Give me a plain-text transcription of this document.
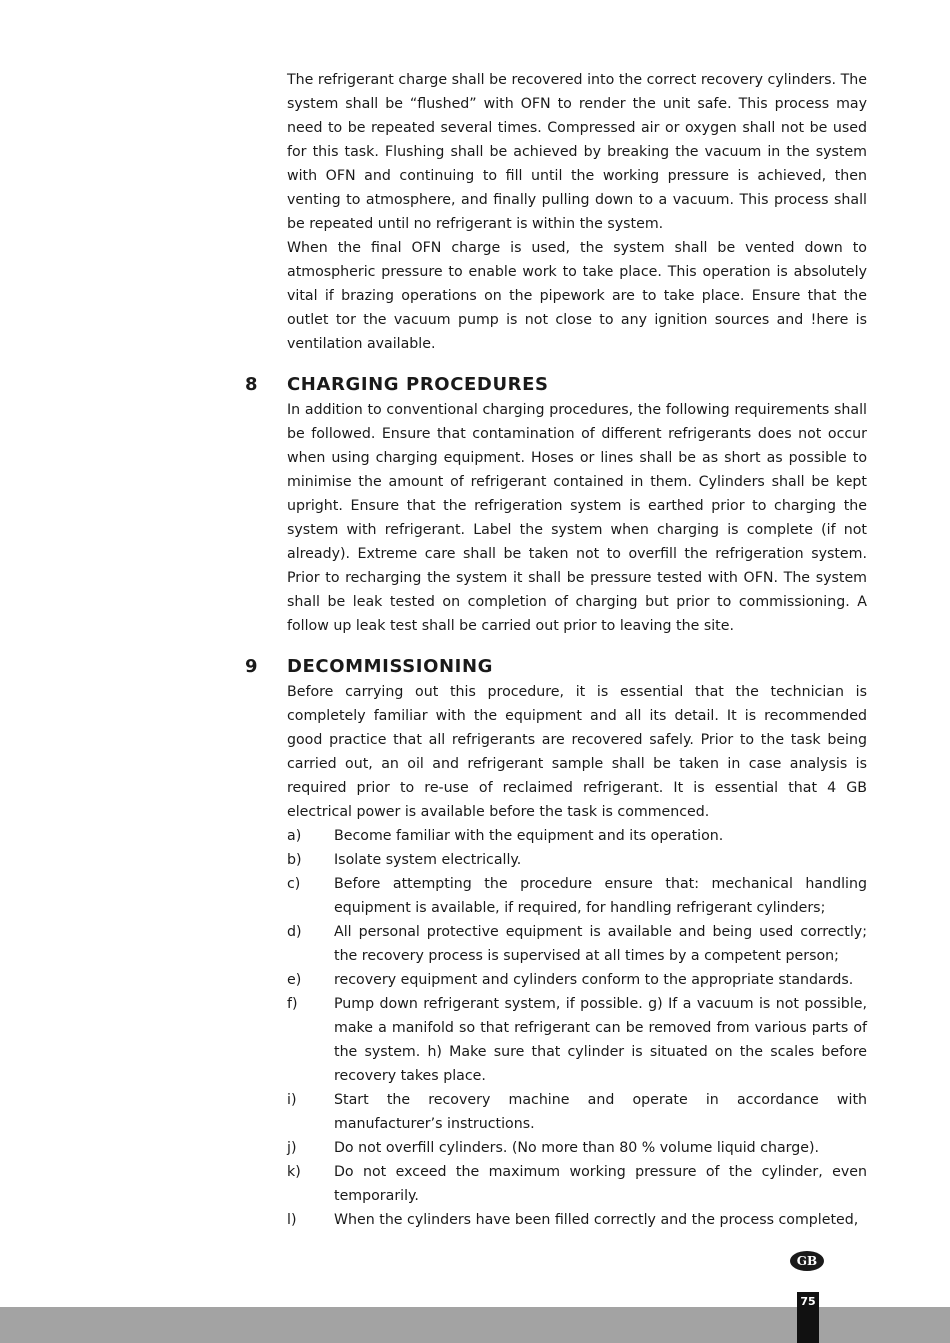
The refrigerant charge shall be recovered into the correct recovery cylinders. The system shall be “flushed” with OFN to render the unit safe. This process may need to be repeated several times. Compressed air or oxygen shall not be used for this task. Flushing shall be achieved by breaking the vacuum in the system with OFN and continuing to fill until the working pressure is achieved, then venting to atmosphere, and finally pulling down to a vacuum. This process shall be repeated until no refrigerant is within the system.

When the final OFN charge is used, the system shall be vented down to atmospheric pressure to enable work to take place. This operation is absolutely vital if brazing operations on the pipework are to take place. Ensure that the outlet tor the vacuum pump is not close to any ignition sources and !here is ventilation available.

8 CHARGING PROCEDURES

In addition to conventional charging procedures, the following requirements shall be followed. Ensure that contamination of different refrigerants does not occur when using charging equipment. Hoses or lines shall be as short as possible to minimise the amount of refrigerant contained in them. Cylinders shall be kept upright. Ensure that the refrigeration system is earthed prior to charging the system with refrigerant. Label the system when charging is complete (if not already). Extreme care shall be taken not to overfill the refrigeration system. Prior to recharging the system it shall be pressure tested with OFN. The system shall be leak tested on completion of charging but prior to commissioning. A follow up leak test shall be carried out prior to leaving the site.

9 DECOMMISSIONING

Before carrying out this procedure, it is essential that the technician is completely familiar with the equipment and all its detail. It is recommended good practice that all refrigerants are recovered safely. Prior to the task being carried out, an oil and refrigerant sample shall be taken in case analysis is required prior to re-use of reclaimed refrigerant. It is essential that 4 GB electrical power is available before the task is commenced.

a) Become familiar with the equipment and its operation.
b) Isolate system electrically.
c) Before attempting the procedure ensure that: mechanical handling equipment is available, if required, for handling refrigerant cylinders;
d) All personal protective equipment is available and being used correctly; the recovery process is supervised at all times by a competent person;
e) recovery equipment and cylinders conform to the appropriate standards.
f)	Pump down refrigerant system, if possible. g) If a vacuum is not possible, make a manifold so that refrigerant can be removed from various parts of the system. h) Make sure that cylinder is situated on the scales before recovery takes place.
i)	Start the recovery machine and operate in accordance with manufacturer’s instructions.
j)	Do not overfill cylinders. (No more than 80 % volume liquid charge).
k) Do not exceed the maximum working pressure of the cylinder, even temporarily.
l)	When the cylinders have been filled correctly and the process completed,
GB
75
